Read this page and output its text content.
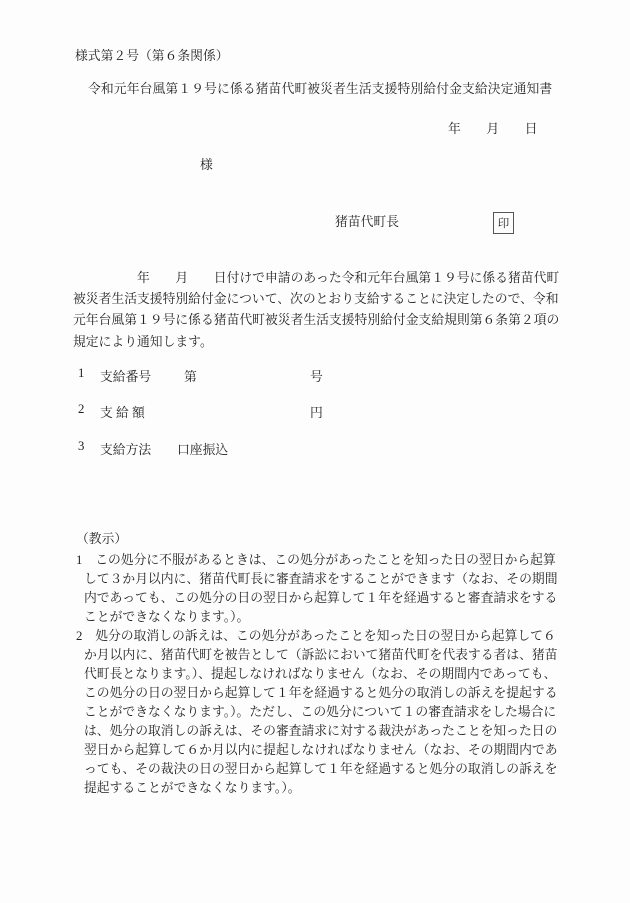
様式第２号（第６条関係）
令和元年台風第１９号に係る猪苗代町被災者生活支援特別給付金支給決定通知書
年　　月　　日
様
猪苗代町長	印
年　　月　　日付けで申請のあった令和元年台風第１９号に係る猪苗代町
被災者生活支援特別給付金について、次のとおり支給することに決定したので、令和
元年台風第１９号に係る猪苗代町被災者生活支援特別給付金支給規則第６条第２項の
規定により通知します。
1 支給番号	第	号
2 支 給 額	円
3 支給方法 口座振込
（教示）
1　この処分に不服があるときは、この処分があったことを知った日の翌日から起算
して３か月以内に、猪苗代町長に審査請求をすることができます（なお、その期間
内であっても、この処分の日の翌日から起算して１年を経過すると審査請求をする
ことができなくなります。）。
2　処分の取消しの訴えは、この処分があったことを知った日の翌日から起算して６
か月以内に、猪苗代町を被告として（訴訟において猪苗代町を代表する者は、猪苗
代町長となります。）、提起しなければなりません（なお、その期間内であっても、
この処分の日の翌日から起算して１年を経過すると処分の取消しの訴えを提起する
ことができなくなります。）。ただし、この処分について１の審査請求をした場合に
は、処分の取消しの訴えは、その審査請求に対する裁決があったことを知った日の
翌日から起算して６か月以内に提起しなければなりません（なお、その期間内であ
っても、その裁決の日の翌日から起算して１年を経過すると処分の取消しの訴えを
提起することができなくなります。）。
